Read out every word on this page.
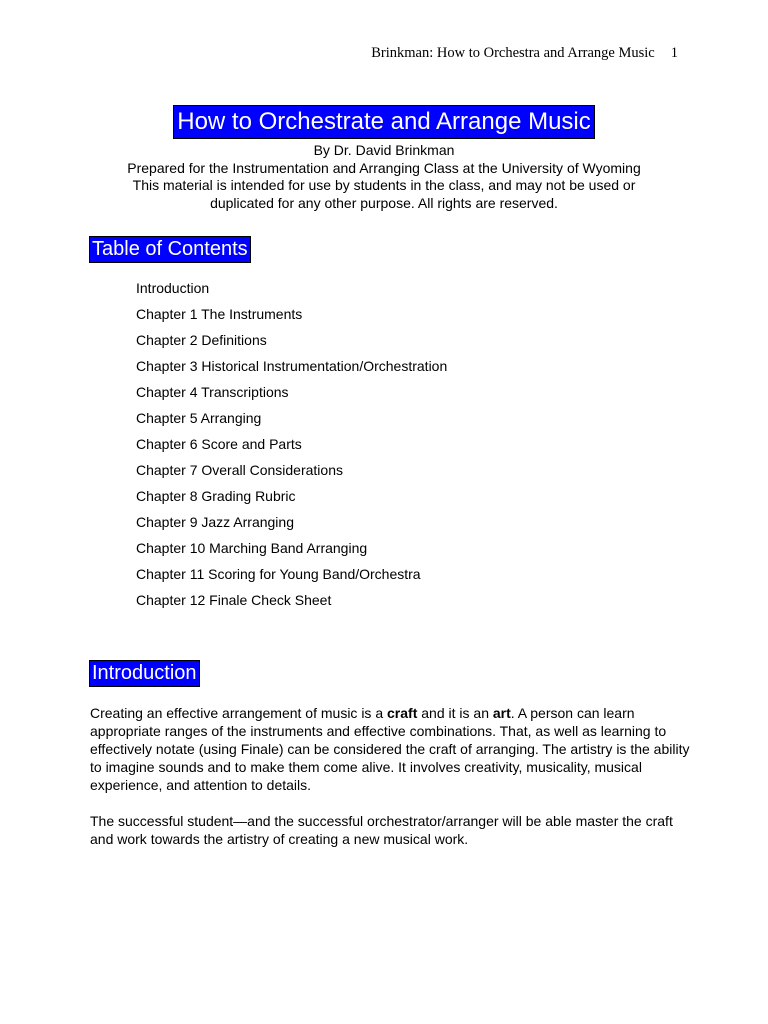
Brinkman: How to Orchestra and Arrange Music 1
How to Orchestrate and Arrange Music
By Dr. David Brinkman
Prepared for the Instrumentation and Arranging Class at the University of Wyoming
This material is intended for use by students in the class, and may not be used or
duplicated for any other purpose. All rights are reserved.
Table of Contents
Introduction
Chapter 1 The Instruments
Chapter 2 Definitions
Chapter 3 Historical Instrumentation/Orchestration
Chapter 4 Transcriptions
Chapter 5 Arranging
Chapter 6 Score and Parts
Chapter 7 Overall Considerations
Chapter 8 Grading Rubric
Chapter 9 Jazz Arranging
Chapter 10 Marching Band Arranging
Chapter 11 Scoring for Young Band/Orchestra
Chapter 12 Finale Check Sheet
Introduction

Creating an effective arrangement of music is a craft and it is an art. A person can learn appropriate ranges of the instruments and effective combinations. That, as well as learning to effectively notate (using Finale) can be considered the craft of arranging. The artistry is the ability to imagine sounds and to make them come alive. It involves creativity, musicality, musical experience, and attention to details.

The successful student—and the successful orchestrator/arranger will be able master the craft and work towards the artistry of creating a new musical work.
